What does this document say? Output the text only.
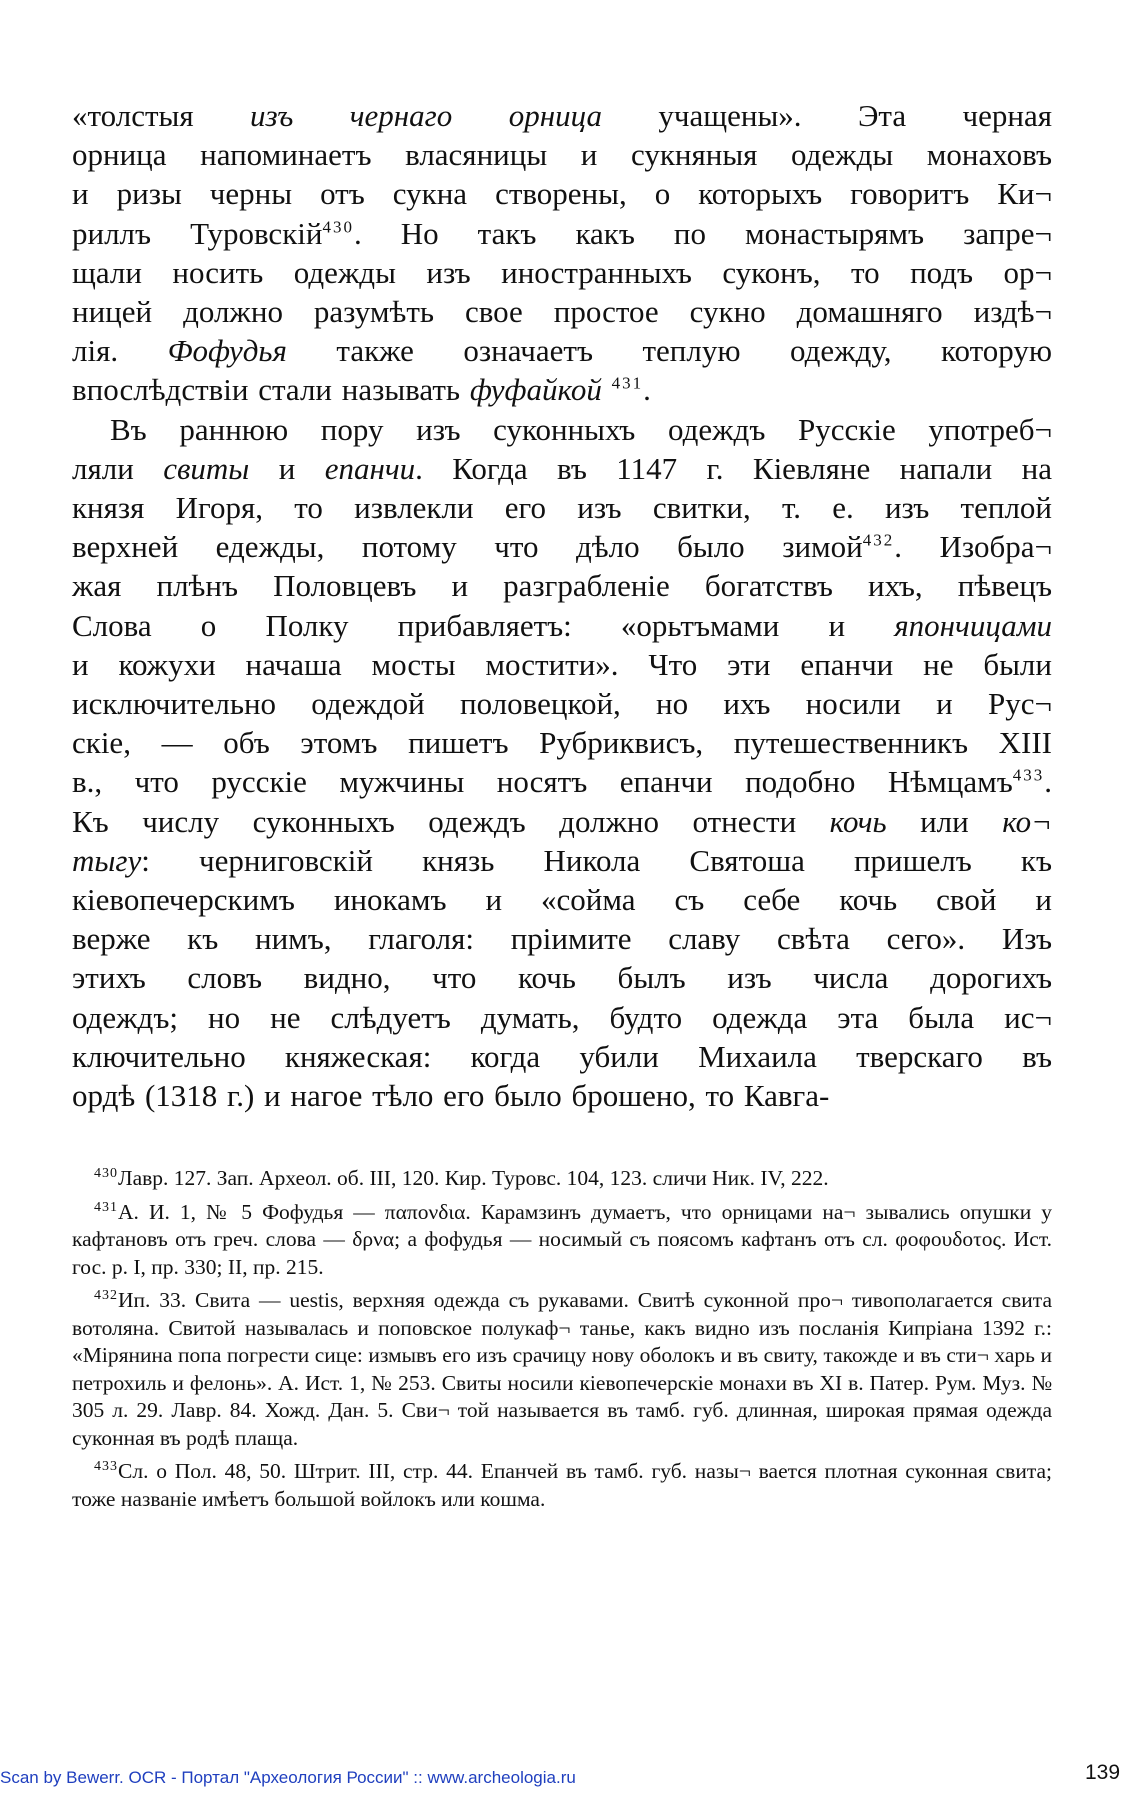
«толстыя изъ чернаго орница учащены». Эта черная

орница напоминаетъ власяницы и сукняныя одежды монаховъ

и ризы черны отъ сукна створены, о которыхъ говоритъ Ки¬

риллъ Туровскій$^{430}$. Но такъ какъ по монастырямъ запре¬

щали носить одежды изъ иностранныхъ суконъ, то подъ ор¬

ницей должно разумѣть свое простое сукно домашняго издѣ¬

лія. Фофудья также означаетъ теплую одежду, которую

впослѣдствіи стали называть фуфайкой $^{431}$.

Въ раннюю пору изъ суконныхъ одеждъ Русскіе употреб¬

ляли свиты и епанчи. Когда въ 1147 г. Кіевляне напали на

князя Игоря, то извлекли его изъ свитки, т. е. изъ теплой

верхней едежды, потому что дѣло было зимой$^{432}$. Изобра¬

жая плѣнъ Половцевъ и разграбленіе богатствъ ихъ, пѣвецъ

Слова о Полку прибавляетъ: «орьтъмами и япончицами

и кожухи начаша мосты мостити». Что эти епанчи не были

исключительно одеждой половецкой, но ихъ носили и Рус¬

скіе, — объ этомъ пишетъ Рубриквисъ, путешественникъ XIII

в., что русскіе мужчины носятъ епанчи подобно Нѣмцамъ$^{433}$.

Къ числу суконныхъ одеждъ должно отнести кочь или ко¬

тыгу: черниговскій князь Никола Святоша пришелъ къ

кіевопечерскимъ инокамъ и «сойма съ себе кочь свой и

верже къ нимъ, глаголя: пріимите славу свѣта сего». Изъ

этихъ словъ видно, что кочь былъ изъ числа дорогихъ

одеждъ; но не слѣдуетъ думать, будто одежда эта была ис¬

ключительно княжеская: когда убили Михаила тверскаго въ

ордѣ (1318 г.) и нагое тѣло его было брошено, то Кавга-

$^{430}$Лавр. 127. Зап. Археол. об. III, 120. Кир. Туровс. 104, 123. сличи Ник. IV, 222.

$^{431}$А. И. 1, № 5 Фофудья — παπονδια. Карамзинъ думаетъ, что орницами на¬ зывались опушки у кафтановъ отъ греч. слова — δρνα; а фофудья — носимый съ поясомъ кафтанъ отъ сл. φοφουδοτος. Ист. гос. р. I, пр. 330; II, пр. 215.

$^{432}$Ип. 33. Свита — uestis, верхняя одежда съ рукавами. Свитѣ суконной про¬ тивополагается свита вотоляна. Свитой называлась и поповское полукаф¬ танье, какъ видно изъ посланія Кипріана 1392 г.: «Мірянина попа погрести сице: измывъ его изъ срачицу нову оболокъ и въ свиту, такожде и въ сти¬ харь и петрохиль и фелонь». А. Ист. 1, № 253. Свиты носили кіевопечерскіе монахи въ XI в. Патер. Рум. Муз. № 305 л. 29. Лавр. 84. Хожд. Дан. 5. Сви¬ той называется въ тамб. губ. длинная, широкая прямая одежда суконная въ родѣ плаща.

$^{433}$Сл. о Пол. 48, 50. Штрит. III, стр. 44. Епанчей въ тамб. губ. назы¬ вается плотная суконная свита; тоже названіе имѣетъ большой войлокъ или кошма.

Scan by Bewerr. OCR - Портал "Археология России" :: www.archeologia.ru	139
